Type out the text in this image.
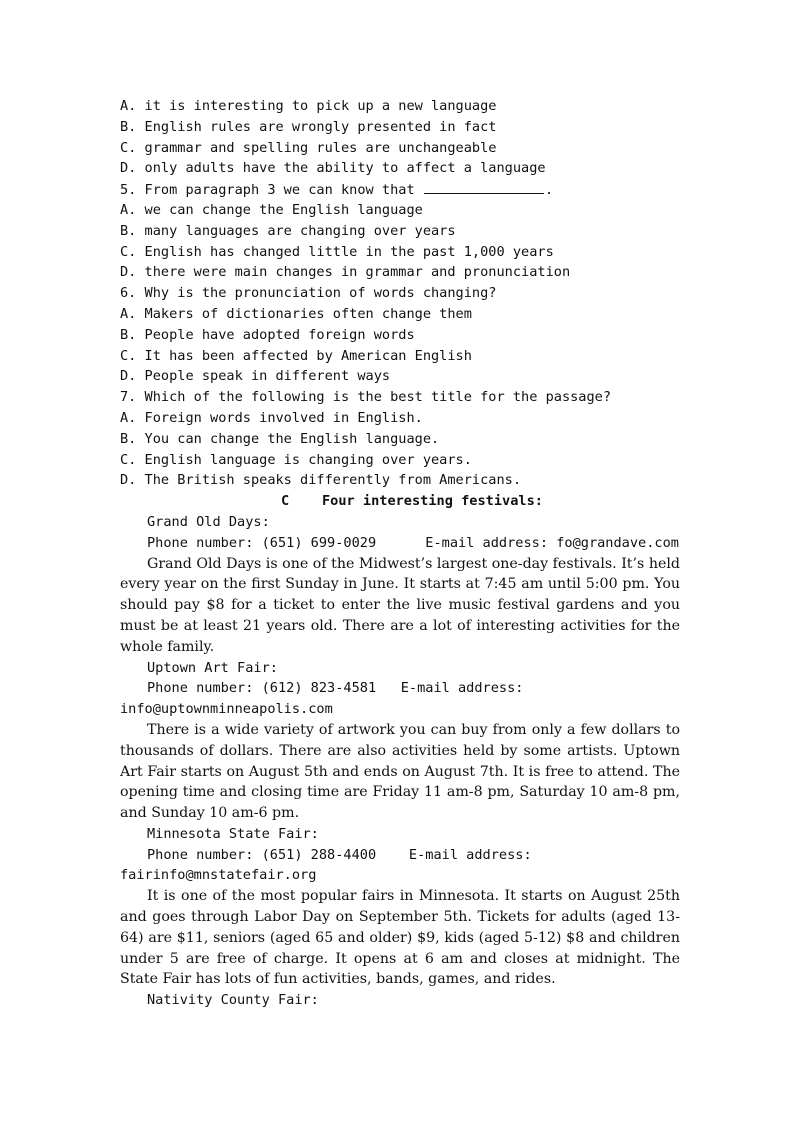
A. it is interesting to pick up a new language
B. English rules are wrongly presented in fact
C. grammar and spelling rules are unchangeable
D. only adults have the ability to affect a language
5. From paragraph 3 we can know that	.
A. we can change the English language
B. many languages are changing over years
C. English has changed little in the past 1,000 years
D. there were main changes in grammar and pronunciation
6. Why is the pronunciation of words changing?
A. Makers of dictionaries often change them
B. People have adopted foreign words
C. It has been affected by American English
D. People speak in different ways
7. Which of the following is the best title for the passage?
A. Foreign words involved in English.
B. You can change the English language.
C. English language is changing over years.
D. The British speaks differently from Americans.
C    Four interesting festivals:
Grand Old Days:
Phone number: (651) 699-0029      E-mail address: fo@grandave.com
Grand Old Days is one of the Midwest’s largest one-day festivals. It’s held every year on the first Sunday in June. It starts at 7:45 am until 5:00 pm. You should pay $8 for a ticket to enter the live music festival gardens and you must be at least 21 years old. There are a lot of interesting activities for the whole family.
Uptown Art Fair:
Phone number: (612) 823-4581   E-mail address:
info@uptownminneapolis.com
There is a wide variety of artwork you can buy from only a few dollars to thousands of dollars. There are also activities held by some artists. Uptown Art Fair starts on August 5th and ends on August 7th. It is free to attend. The opening time and closing time are Friday 11 am-8 pm, Saturday 10 am-8 pm, and Sunday 10 am-6 pm.
Minnesota State Fair:
Phone number: (651) 288-4400    E-mail address:
fairinfo@mnstatefair.org
It is one of the most popular fairs in Minnesota. It starts on August 25th and goes through Labor Day on September 5th. Tickets for adults (aged 13-64) are $11, seniors (aged 65 and older) $9, kids (aged 5-12) $8 and children under 5 are free of charge. It opens at 6 am and closes at midnight. The State Fair has lots of fun activities, bands, games, and rides.
Nativity County Fair:
